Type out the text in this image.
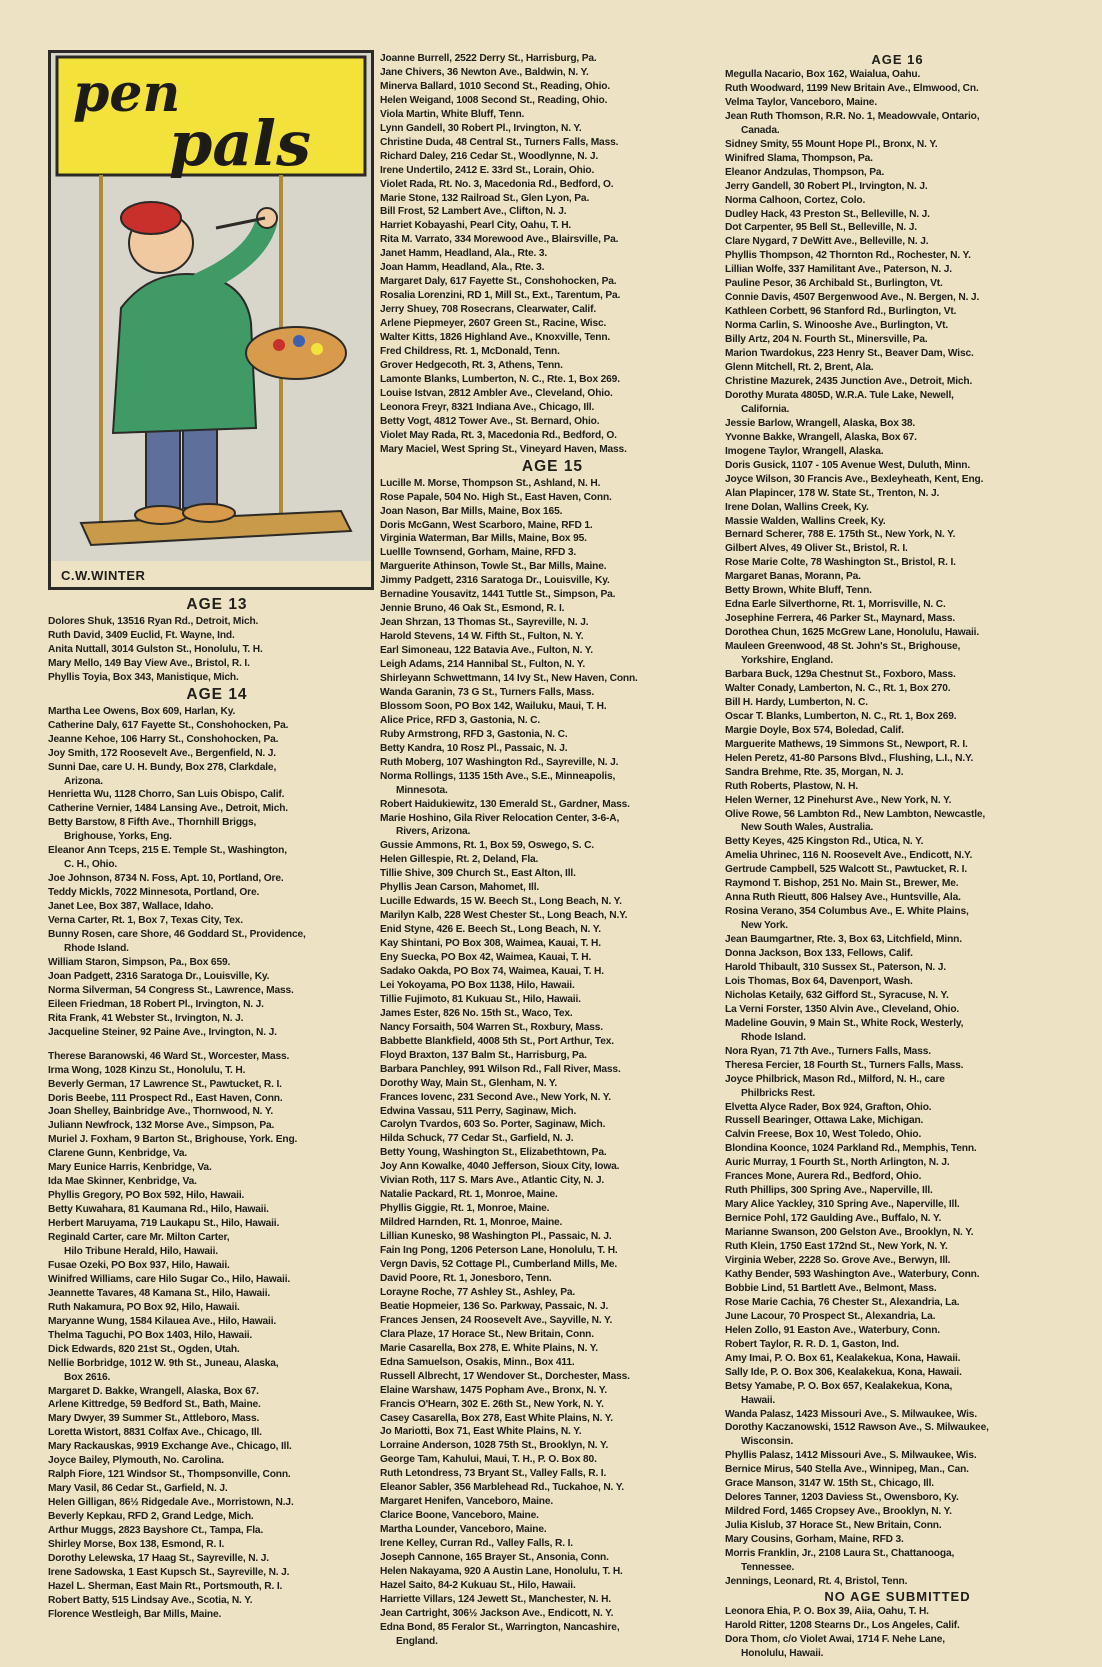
pen
pals
C.W.WINTER
AGE 13
Dolores Shuk, 13516 Ryan Rd., Detroit, Mich.
Ruth David, 3409 Euclid, Ft. Wayne, Ind.
Anita Nuttall, 3014 Gulston St., Honolulu, T. H.
Mary Mello, 149 Bay View Ave., Bristol, R. I.
Phyllis Toyia, Box 343, Manistique, Mich.
AGE 14
Martha Lee Owens, Box 609, Harlan, Ky.
Catherine Daly, 617 Fayette St., Conshohocken, Pa.
Jeanne Kehoe, 106 Harry St., Conshohocken, Pa.
Joy Smith, 172 Roosevelt Ave., Bergenfield, N. J.
Sunni Dae, care U. H. Bundy, Box 278, Clarkdale,
Arizona.
Henrietta Wu, 1128 Chorro, San Luis Obispo, Calif.
Catherine Vernier, 1484 Lansing Ave., Detroit, Mich.
Betty Barstow, 8 Fifth Ave., Thornhill Briggs,
Brighouse, Yorks, Eng.
Eleanor Ann Tceps, 215 E. Temple St., Washington,
C. H., Ohio.
Joe Johnson, 8734 N. Foss, Apt. 10, Portland, Ore.
Teddy Mickls, 7022 Minnesota, Portland, Ore.
Janet Lee, Box 387, Wallace, Idaho.
Verna Carter, Rt. 1, Box 7, Texas City, Tex.
Bunny Rosen, care Shore, 46 Goddard St., Providence,
Rhode Island.
William Staron, Simpson, Pa., Box 659.
Joan Padgett, 2316 Saratoga Dr., Louisville, Ky.
Norma Silverman, 54 Congress St., Lawrence, Mass.
Eileen Friedman, 18 Robert Pl., Irvington, N. J.
Rita Frank, 41 Webster St., Irvington, N. J.
Jacqueline Steiner, 92 Paine Ave., Irvington, N. J.
Therese Baranowski, 46 Ward St., Worcester, Mass.
Irma Wong, 1028 Kinzu St., Honolulu, T. H.
Beverly German, 17 Lawrence St., Pawtucket, R. I.
Doris Beebe, 111 Prospect Rd., East Haven, Conn.
Joan Shelley, Bainbridge Ave., Thornwood, N. Y.
Juliann Newfrock, 132 Morse Ave., Simpson, Pa.
Muriel J. Foxham, 9 Barton St., Brighouse, York. Eng.
Clarene Gunn, Kenbridge, Va.
Mary Eunice Harris, Kenbridge, Va.
Ida Mae Skinner, Kenbridge, Va.
Phyllis Gregory, PO Box 592, Hilo, Hawaii.
Betty Kuwahara, 81 Kaumana Rd., Hilo, Hawaii.
Herbert Maruyama, 719 Laukapu St., Hilo, Hawaii.
Reginald Carter, care Mr. Milton Carter,
Hilo Tribune Herald, Hilo, Hawaii.
Fusae Ozeki, PO Box 937, Hilo, Hawaii.
Winifred Williams, care Hilo Sugar Co., Hilo, Hawaii.
Jeannette Tavares, 48 Kamana St., Hilo, Hawaii.
Ruth Nakamura, PO Box 92, Hilo, Hawaii.
Maryanne Wung, 1584 Kilauea Ave., Hilo, Hawaii.
Thelma Taguchi, PO Box 1403, Hilo, Hawaii.
Dick Edwards, 820 21st St., Ogden, Utah.
Nellie Borbridge, 1012 W. 9th St., Juneau, Alaska,
Box 2616.
Margaret D. Bakke, Wrangell, Alaska, Box 67.
Arlene Kittredge, 59 Bedford St., Bath, Maine.
Mary Dwyer, 39 Summer St., Attleboro, Mass.
Loretta Wistort, 8831 Colfax Ave., Chicago, Ill.
Mary Rackauskas, 9919 Exchange Ave., Chicago, Ill.
Joyce Bailey, Plymouth, No. Carolina.
Ralph Fiore, 121 Windsor St., Thompsonville, Conn.
Mary Vasil, 86 Cedar St., Garfield, N. J.
Helen Gilligan, 86½ Ridgedale Ave., Morristown, N.J.
Beverly Kepkau, RFD 2, Grand Ledge, Mich.
Arthur Muggs, 2823 Bayshore Ct., Tampa, Fla.
Shirley Morse, Box 138, Esmond, R. I.
Dorothy Lelewska, 17 Haag St., Sayreville, N. J.
Irene Sadowska, 1 East Kupsch St., Sayreville, N. J.
Hazel L. Sherman, East Main Rt., Portsmouth, R. I.
Robert Batty, 515 Lindsay Ave., Scotia, N. Y.
Florence Westleigh, Bar Mills, Maine.
Joanne Burrell, 2522 Derry St., Harrisburg, Pa.
Jane Chivers, 36 Newton Ave., Baldwin, N. Y.
Minerva Ballard, 1010 Second St., Reading, Ohio.
Helen Weigand, 1008 Second St., Reading, Ohio.
Viola Martin, White Bluff, Tenn.
Lynn Gandell, 30 Robert Pl., Irvington, N. Y.
Christine Duda, 48 Central St., Turners Falls, Mass.
Richard Daley, 216 Cedar St., Woodlynne, N. J.
Irene Undertilo, 2412 E. 33rd St., Lorain, Ohio.
Violet Rada, Rt. No. 3, Macedonia Rd., Bedford, O.
Marie Stone, 132 Railroad St., Glen Lyon, Pa.
Bill Frost, 52 Lambert Ave., Clifton, N. J.
Harriet Kobayashi, Pearl City, Oahu, T. H.
Rita M. Varrato, 334 Morewood Ave., Blairsville, Pa.
Janet Hamm, Headland, Ala., Rte. 3.
Joan Hamm, Headland, Ala., Rte. 3.
Margaret Daly, 617 Fayette St., Conshohocken, Pa.
Rosalia Lorenzini, RD 1, Mill St., Ext., Tarentum, Pa.
Jerry Shuey, 708 Rosecrans, Clearwater, Calif.
Arlene Piepmeyer, 2607 Green St., Racine, Wisc.
Walter Kitts, 1826 Highland Ave., Knoxville, Tenn.
Fred Childress, Rt. 1, McDonald, Tenn.
Grover Hedgecoth, Rt. 3, Athens, Tenn.
Lamonte Blanks, Lumberton, N. C., Rte. 1, Box 269.
Louise Istvan, 2812 Ambler Ave., Cleveland, Ohio.
Leonora Freyr, 8321 Indiana Ave., Chicago, Ill.
Betty Vogt, 4812 Tower Ave., St. Bernard, Ohio.
Violet May Rada, Rt. 3, Macedonia Rd., Bedford, O.
Mary Maciel, West Spring St., Vineyard Haven, Mass.
AGE 15
Lucille M. Morse, Thompson St., Ashland, N. H.
Rose Papale, 504 No. High St., East Haven, Conn.
Joan Nason, Bar Mills, Maine, Box 165.
Doris McGann, West Scarboro, Maine, RFD 1.
Virginia Waterman, Bar Mills, Maine, Box 95.
Luellle Townsend, Gorham, Maine, RFD 3.
Marguerite Athinson, Towle St., Bar Mills, Maine.
Jimmy Padgett, 2316 Saratoga Dr., Louisville, Ky.
Bernadine Yousavitz, 1441 Tuttle St., Simpson, Pa.
Jennie Bruno, 46 Oak St., Esmond, R. I.
Jean Shrzan, 13 Thomas St., Sayreville, N. J.
Harold Stevens, 14 W. Fifth St., Fulton, N. Y.
Earl Simoneau, 122 Batavia Ave., Fulton, N. Y.
Leigh Adams, 214 Hannibal St., Fulton, N. Y.
Shirleyann Schwettmann, 14 Ivy St., New Haven, Conn.
Wanda Garanin, 73 G St., Turners Falls, Mass.
Blossom Soon, PO Box 142, Wailuku, Maui, T. H.
Alice Price, RFD 3, Gastonia, N. C.
Ruby Armstrong, RFD 3, Gastonia, N. C.
Betty Kandra, 10 Rosz Pl., Passaic, N. J.
Ruth Moberg, 107 Washington Rd., Sayreville, N. J.
Norma Rollings, 1135 15th Ave., S.E., Minneapolis,
Minnesota.
Robert Haidukiewitz, 130 Emerald St., Gardner, Mass.
Marie Hoshino, Gila River Relocation Center, 3-6-A,
Rivers, Arizona.
Gussie Ammons, Rt. 1, Box 59, Oswego, S. C.
Helen Gillespie, Rt. 2, Deland, Fla.
Tillie Shive, 309 Church St., East Alton, Ill.
Phyllis Jean Carson, Mahomet, Ill.
Lucille Edwards, 15 W. Beech St., Long Beach, N. Y.
Marilyn Kalb, 228 West Chester St., Long Beach, N.Y.
Enid Styne, 426 E. Beech St., Long Beach, N. Y.
Kay Shintani, PO Box 308, Waimea, Kauai, T. H.
Eny Suecka, PO Box 42, Waimea, Kauai, T. H.
Sadako Oakda, PO Box 74, Waimea, Kauai, T. H.
Lei Yokoyama, PO Box 1138, Hilo, Hawaii.
Tillie Fujimoto, 81 Kukuau St., Hilo, Hawaii.
James Ester, 826 No. 15th St., Waco, Tex.
Nancy Forsaith, 504 Warren St., Roxbury, Mass.
Babbette Blankfield, 4008 5th St., Port Arthur, Tex.
Floyd Braxton, 137 Balm St., Harrisburg, Pa.
Barbara Panchley, 991 Wilson Rd., Fall River, Mass.
Dorothy Way, Main St., Glenham, N. Y.
Frances Iovenc, 231 Second Ave., New York, N. Y.
Edwina Vassau, 511 Perry, Saginaw, Mich.
Carolyn Tvardos, 603 So. Porter, Saginaw, Mich.
Hilda Schuck, 77 Cedar St., Garfield, N. J.
Betty Young, Washington St., Elizabethtown, Pa.
Joy Ann Kowalke, 4040 Jefferson, Sioux City, Iowa.
Vivian Roth, 117 S. Mars Ave., Atlantic City, N. J.
Natalie Packard, Rt. 1, Monroe, Maine.
Phyllis Giggie, Rt. 1, Monroe, Maine.
Mildred Harnden, Rt. 1, Monroe, Maine.
Lillian Kunesko, 98 Washington Pl., Passaic, N. J.
Fain Ing Pong, 1206 Peterson Lane, Honolulu, T. H.
Vergn Davis, 52 Cottage Pl., Cumberland Mills, Me.
David Poore, Rt. 1, Jonesboro, Tenn.
Lorayne Roche, 77 Ashley St., Ashley, Pa.
Beatie Hopmeier, 136 So. Parkway, Passaic, N. J.
Frances Jensen, 24 Roosevelt Ave., Sayville, N. Y.
Clara Plaze, 17 Horace St., New Britain, Conn.
Marie Casarella, Box 278, E. White Plains, N. Y.
Edna Samuelson, Osakis, Minn., Box 411.
Russell Albrecht, 17 Wendover St., Dorchester, Mass.
Elaine Warshaw, 1475 Popham Ave., Bronx, N. Y.
Francis O'Hearn, 302 E. 26th St., New York, N. Y.
Casey Casarella, Box 278, East White Plains, N. Y.
Jo Mariotti, Box 71, East White Plains, N. Y.
Lorraine Anderson, 1028 75th St., Brooklyn, N. Y.
George Tam, Kahului, Maui, T. H., P. O. Box 80.
Ruth Letondress, 73 Bryant St., Valley Falls, R. I.
Eleanor Sabler, 356 Marblehead Rd., Tuckahoe, N. Y.
Margaret Henifen, Vanceboro, Maine.
Clarice Boone, Vanceboro, Maine.
Martha Lounder, Vanceboro, Maine.
Irene Kelley, Curran Rd., Valley Falls, R. I.
Joseph Cannone, 165 Brayer St., Ansonia, Conn.
Helen Nakayama, 920 A Austin Lane, Honolulu, T. H.
Hazel Saito, 84-2 Kukuau St., Hilo, Hawaii.
Harriette Villars, 124 Jewett St., Manchester, N. H.
Jean Cartright, 306½ Jackson Ave., Endicott, N. Y.
Edna Bond, 85 Feralor St., Warrington, Nancashire,
England.
AGE 16
Megulla Nacario, Box 162, Waialua, Oahu.
Ruth Woodward, 1199 New Britain Ave., Elmwood, Cn.
Velma Taylor, Vanceboro, Maine.
Jean Ruth Thomson, R.R. No. 1, Meadowvale, Ontario,
Canada.
Sidney Smity, 55 Mount Hope Pl., Bronx, N. Y.
Winifred Slama, Thompson, Pa.
Eleanor Andzulas, Thompson, Pa.
Jerry Gandell, 30 Robert Pl., Irvington, N. J.
Norma Calhoon, Cortez, Colo.
Dudley Hack, 43 Preston St., Belleville, N. J.
Dot Carpenter, 95 Bell St., Belleville, N. J.
Clare Nygard, 7 DeWitt Ave., Belleville, N. J.
Phyllis Thompson, 42 Thornton Rd., Rochester, N. Y.
Lillian Wolfe, 337 Hamilitant Ave., Paterson, N. J.
Pauline Pesor, 36 Archibald St., Burlington, Vt.
Connie Davis, 4507 Bergenwood Ave., N. Bergen, N. J.
Kathleen Corbett, 96 Stanford Rd., Burlington, Vt.
Norma Carlin, S. Winooshe Ave., Burlington, Vt.
Billy Artz, 204 N. Fourth St., Minersville, Pa.
Marion Twardokus, 223 Henry St., Beaver Dam, Wisc.
Glenn Mitchell, Rt. 2, Brent, Ala.
Christine Mazurek, 2435 Junction Ave., Detroit, Mich.
Dorothy Murata 4805D, W.R.A. Tule Lake, Newell,
California.
Jessie Barlow, Wrangell, Alaska, Box 38.
Yvonne Bakke, Wrangell, Alaska, Box 67.
Imogene Taylor, Wrangell, Alaska.
Doris Gusick, 1107 - 105 Avenue West, Duluth, Minn.
Joyce Wilson, 30 Francis Ave., Bexleyheath, Kent, Eng.
Alan Plapincer, 178 W. State St., Trenton, N. J.
Irene Dolan, Wallins Creek, Ky.
Massie Walden, Wallins Creek, Ky.
Bernard Scherer, 788 E. 175th St., New York, N. Y.
Gilbert Alves, 49 Oliver St., Bristol, R. I.
Rose Marie Colte, 78 Washington St., Bristol, R. I.
Margaret Banas, Morann, Pa.
Betty Brown, White Bluff, Tenn.
Edna Earle Silverthorne, Rt. 1, Morrisville, N. C.
Josephine Ferrera, 46 Parker St., Maynard, Mass.
Dorothea Chun, 1625 McGrew Lane, Honolulu, Hawaii.
Mauleen Greenwood, 48 St. John's St., Brighouse,
Yorkshire, England.
Barbara Buck, 129a Chestnut St., Foxboro, Mass.
Walter Conady, Lamberton, N. C., Rt. 1, Box 270.
Bill H. Hardy, Lumberton, N. C.
Oscar T. Blanks, Lumberton, N. C., Rt. 1, Box 269.
Margie Doyle, Box 574, Boledad, Calif.
Marguerite Mathews, 19 Simmons St., Newport, R. I.
Helen Peretz, 41-80 Parsons Blvd., Flushing, L.I., N.Y.
Sandra Brehme, Rte. 35, Morgan, N. J.
Ruth Roberts, Plastow, N. H.
Helen Werner, 12 Pinehurst Ave., New York, N. Y.
Olive Rowe, 56 Lambton Rd., New Lambton, Newcastle,
New South Wales, Australia.
Betty Keyes, 425 Kingston Rd., Utica, N. Y.
Amelia Uhrinec, 116 N. Roosevelt Ave., Endicott, N.Y.
Gertrude Campbell, 525 Walcott St., Pawtucket, R. I.
Raymond T. Bishop, 251 No. Main St., Brewer, Me.
Anna Ruth Rieutt, 806 Halsey Ave., Huntsville, Ala.
Rosina Verano, 354 Columbus Ave., E. White Plains,
New York.
Jean Baumgartner, Rte. 3, Box 63, Litchfield, Minn.
Donna Jackson, Box 133, Fellows, Calif.
Harold Thibault, 310 Sussex St., Paterson, N. J.
Lois Thomas, Box 64, Davenport, Wash.
Nicholas Ketaily, 632 Gifford St., Syracuse, N. Y.
La Verni Forster, 1350 Alvin Ave., Cleveland, Ohio.
Madeline Gouvin, 9 Main St., White Rock, Westerly,
Rhode Island.
Nora Ryan, 71 7th Ave., Turners Falls, Mass.
Theresa Fercier, 18 Fourth St., Turners Falls, Mass.
Joyce Philbrick, Mason Rd., Milford, N. H., care
Philbricks Rest.
Elvetta Alyce Rader, Box 924, Grafton, Ohio.
Russell Bearinger, Ottawa Lake, Michigan.
Calvin Freese, Box 10, West Toledo, Ohio.
Blondina Koonce, 1024 Parkland Rd., Memphis, Tenn.
Auric Murray, 1 Fourth St., North Arlington, N. J.
Frances Mone, Aurera Rd., Bedford, Ohio.
Ruth Phillips, 300 Spring Ave., Naperville, Ill.
Mary Alice Yackley, 310 Spring Ave., Naperville, Ill.
Bernice Pohl, 172 Gaulding Ave., Buffalo, N. Y.
Marianne Swanson, 200 Gelston Ave., Brooklyn, N. Y.
Ruth Klein, 1750 East 172nd St., New York, N. Y.
Virginia Weber, 2228 So. Grove Ave., Berwyn, Ill.
Kathy Bender, 593 Washington Ave., Waterbury, Conn.
Bobbie Lind, 51 Bartlett Ave., Belmont, Mass.
Rose Marie Cachia, 76 Chester St., Alexandria, La.
June Lacour, 70 Prospect St., Alexandria, La.
Helen Zollo, 91 Easton Ave., Waterbury, Conn.
Robert Taylor, R. R. D. 1, Gaston, Ind.
Amy Imai, P. O. Box 61, Kealakekua, Kona, Hawaii.
Sally Ide, P. O. Box 306, Kealakekua, Kona, Hawaii.
Betsy Yamabe, P. O. Box 657, Kealakekua, Kona,
Hawaii.
Wanda Palasz, 1423 Missouri Ave., S. Milwaukee, Wis.
Dorothy Kaczanowski, 1512 Rawson Ave., S. Milwaukee,
Wisconsin.
Phyllis Palasz, 1412 Missouri Ave., S. Milwaukee, Wis.
Bernice Mirus, 540 Stella Ave., Winnipeg, Man., Can.
Grace Manson, 3147 W. 15th St., Chicago, Ill.
Delores Tanner, 1203 Daviess St., Owensboro, Ky.
Mildred Ford, 1465 Cropsey Ave., Brooklyn, N. Y.
Julia Kislub, 37 Horace St., New Britain, Conn.
Mary Cousins, Gorham, Maine, RFD 3.
Morris Franklin, Jr., 2108 Laura St., Chattanooga,
Tennessee.
Jennings, Leonard, Rt. 4, Bristol, Tenn.
NO AGE SUBMITTED
Leonora Ehia, P. O. Box 39, Aiia, Oahu, T. H.
Harold Ritter, 1208 Stearns Dr., Los Angeles, Calif.
Dora Thom, c/o Violet Awai, 1714 F. Nehe Lane,
Honolulu, Hawaii.
